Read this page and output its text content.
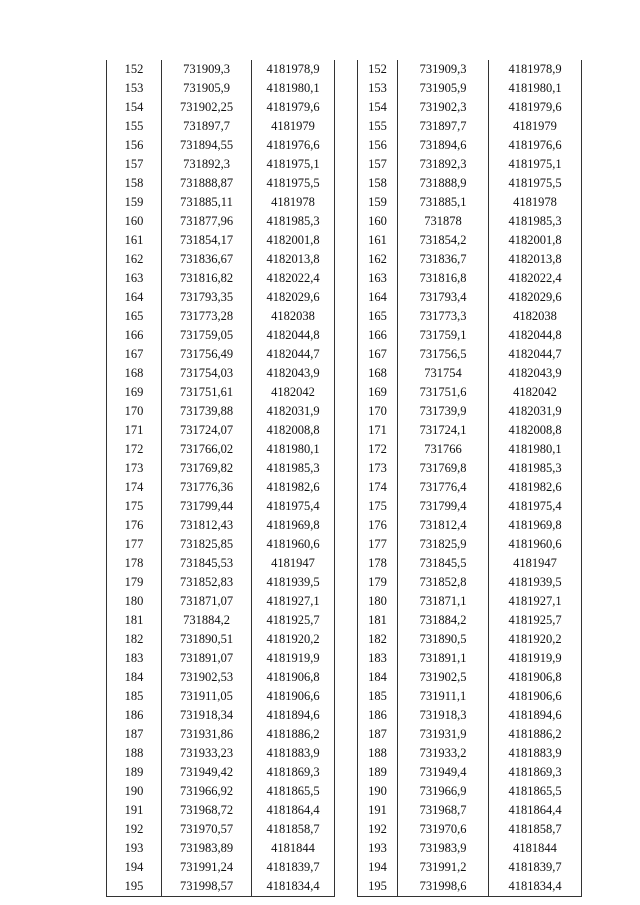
152	731909,3	4181978,9
153	731905,9	4181980,1
154	731902,25	4181979,6
155	731897,7	4181979
156	731894,55	4181976,6
157	731892,3	4181975,1
158	731888,87	4181975,5
159	731885,11	4181978
160	731877,96	4181985,3
161	731854,17	4182001,8
162	731836,67	4182013,8
163	731816,82	4182022,4
164	731793,35	4182029,6
165	731773,28	4182038
166	731759,05	4182044,8
167	731756,49	4182044,7
168	731754,03	4182043,9
169	731751,61	4182042
170	731739,88	4182031,9
171	731724,07	4182008,8
172	731766,02	4181980,1
173	731769,82	4181985,3
174	731776,36	4181982,6
175	731799,44	4181975,4
176	731812,43	4181969,8
177	731825,85	4181960,6
178	731845,53	4181947
179	731852,83	4181939,5
180	731871,07	4181927,1
181	731884,2	4181925,7
182	731890,51	4181920,2
183	731891,07	4181919,9
184	731902,53	4181906,8
185	731911,05	4181906,6
186	731918,34	4181894,6
187	731931,86	4181886,2
188	731933,23	4181883,9
189	731949,42	4181869,3
190	731966,92	4181865,5
191	731968,72	4181864,4
192	731970,57	4181858,7
193	731983,89	4181844
194	731991,24	4181839,7
195	731998,57	4181834,4
152	731909,3	4181978,9
153	731905,9	4181980,1
154	731902,3	4181979,6
155	731897,7	4181979
156	731894,6	4181976,6
157	731892,3	4181975,1
158	731888,9	4181975,5
159	731885,1	4181978
160	731878	4181985,3
161	731854,2	4182001,8
162	731836,7	4182013,8
163	731816,8	4182022,4
164	731793,4	4182029,6
165	731773,3	4182038
166	731759,1	4182044,8
167	731756,5	4182044,7
168	731754	4182043,9
169	731751,6	4182042
170	731739,9	4182031,9
171	731724,1	4182008,8
172	731766	4181980,1
173	731769,8	4181985,3
174	731776,4	4181982,6
175	731799,4	4181975,4
176	731812,4	4181969,8
177	731825,9	4181960,6
178	731845,5	4181947
179	731852,8	4181939,5
180	731871,1	4181927,1
181	731884,2	4181925,7
182	731890,5	4181920,2
183	731891,1	4181919,9
184	731902,5	4181906,8
185	731911,1	4181906,6
186	731918,3	4181894,6
187	731931,9	4181886,2
188	731933,2	4181883,9
189	731949,4	4181869,3
190	731966,9	4181865,5
191	731968,7	4181864,4
192	731970,6	4181858,7
193	731983,9	4181844
194	731991,2	4181839,7
195	731998,6	4181834,4
